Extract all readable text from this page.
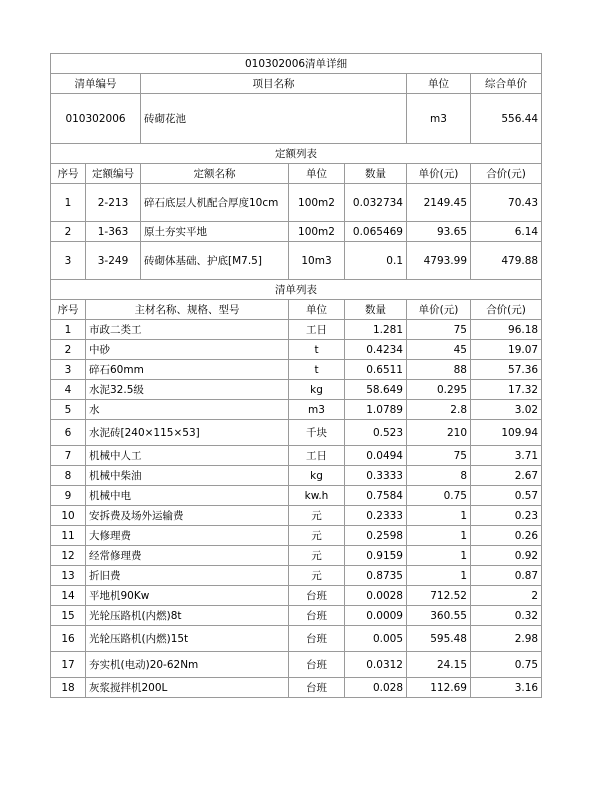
010302006清单详细						
清单编号		项目名称			单位	综合单价
010302006		砖砌花池			m3	556.44
定额列表						
序号	定额编号	定额名称	单位	数量	单价(元)	合价(元)
1	2-213	碎石底层人机配合厚度10cm	100m2	0.032734	2149.45	70.43
2	1-363	原土夯实平地	100m2	0.065469	93.65	6.14
3	3-249	砖砌体基础、护底[M7.5]	10m3	0.1	4793.99	479.88
清单列表						
序号	主材名称、规格、型号		单位	数量	单价(元)	合价(元)
1	市政二类工		工日	1.281	75	96.18
2	中砂		t	0.4234	45	19.07
3	碎石60mm		t	0.6511	88	57.36
4	水泥32.5级		kg	58.649	0.295	17.32
5	水		m3	1.0789	2.8	3.02
6	水泥砖[240×115×53]		千块	0.523	210	109.94
7	机械中人工		工日	0.0494	75	3.71
8	机械中柴油		kg	0.3333	8	2.67
9	机械中电		kw.h	0.7584	0.75	0.57
10	安拆费及场外运输费		元	0.2333	1	0.23
11	大修理费		元	0.2598	1	0.26
12	经常修理费		元	0.9159	1	0.92
13	折旧费		元	0.8735	1	0.87
14	平地机90Kw		台班	0.0028	712.52	2
15	光轮压路机(内燃)8t		台班	0.0009	360.55	0.32
16	光轮压路机(内燃)15t		台班	0.005	595.48	2.98
17	夯实机(电动)20-62Nm		台班	0.0312	24.15	0.75
18	灰浆搅拌机200L		台班	0.028	112.69	3.16
